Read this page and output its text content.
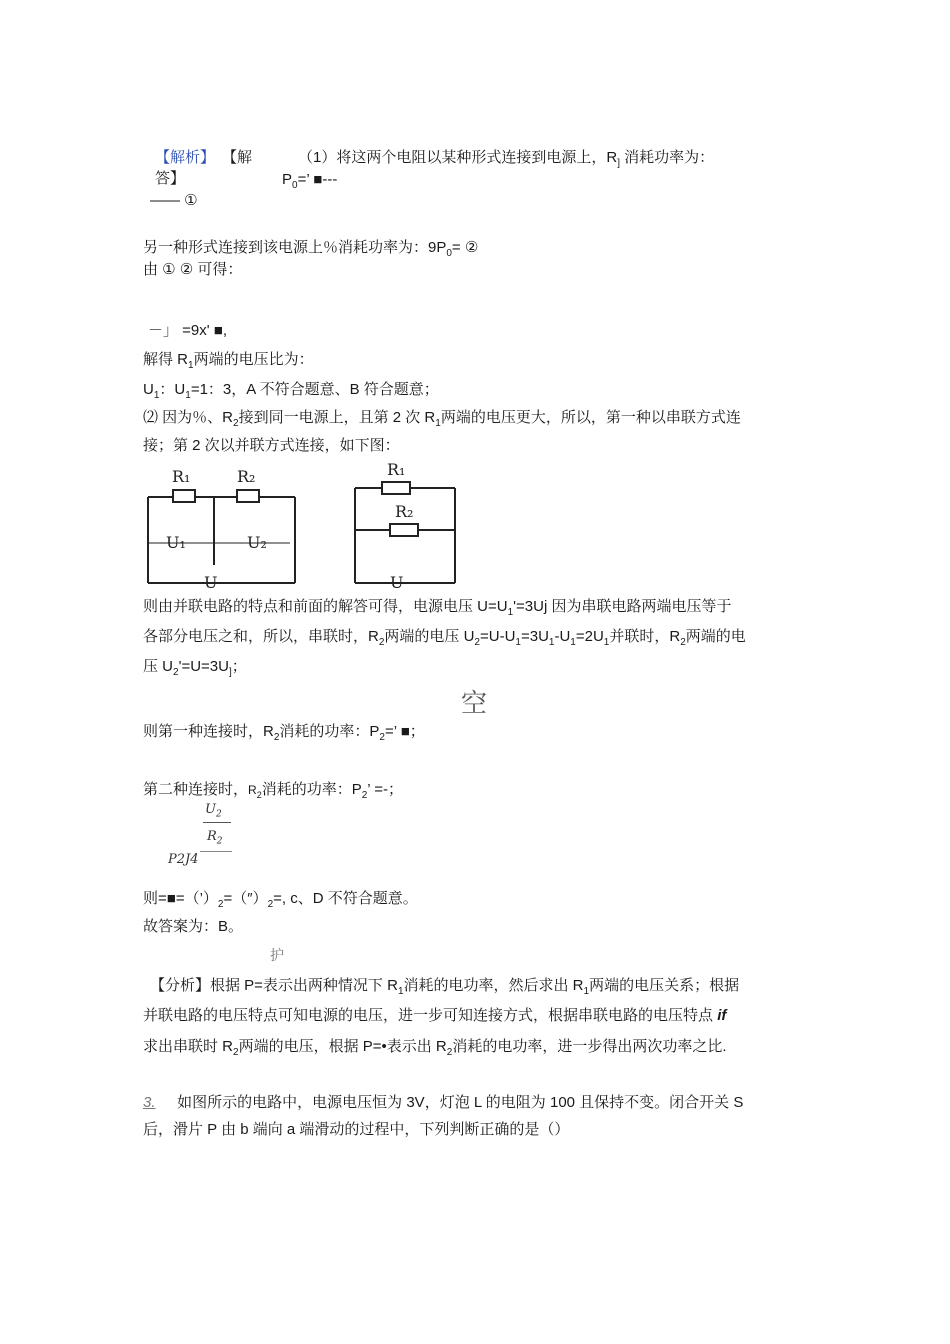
【解析】 【解
答】
（1）将这两个电阻以某种形式连接到电源上，$R_]$ 消耗功率为：
$P_0=$’ ■---
—— ①
另一种形式连接到该电源上％消耗功率为：$9P_0=$ ②
由 ① ② 可得：
－」 =9x' ■,
解得 $R_1$两端的电压比为：
$U_1$：$U_1=1$：3，A 不符合题意、B 符合题意；
⑵ 因为％、$R_2$接到同一电源上，且第 2 次 $R_1$两端的电压更大，所以，第一种以串联方式连
接；第 2 次以并联方式连接，如下图：
R₁	R₂
U₁	U₂
U
R₁
R₂
U
则由并联电路的特点和前面的解答可得，电源电压 $U=U_1'=3Uj$ 因为串联电路两端电压等于
各部分电压之和，所以，串联时，$R_2$两端的电压 $U_2=U-U_1=3U_1-U_1=2U_1$并联时，$R_2$两端的电
压 $U_2'=U=3U_]$；
空
则第一种连接时，$R_2$消耗的功率：$P_2=$’ ■；
第二种连接时，$R_2$消耗的功率：$P_2$’ =-；
$U_2$
$R_2$
P2J4
则$=■=(’)_2=('')_2=$, c、D 不符合题意。
故答案为：B。
护
【分析】根据 P=表示出两种情况下 $R_1$消耗的电功率，然后求出 $R_1$两端的电压关系；根据
并联电路的电压特点可知电源的电压，进一步可知连接方式，根据串联电路的电压特点 if
求出串联时 $R_2$两端的电压，根据 P=•表示出 $R_2$消耗的电功率，进一步得出两次功率之比.
3. 如图所示的电路中，电源电压恒为 3V，灯泡 L 的电阻为 100 且保持不变。闭合开关 S
后，滑片 P 由 b 端向 a 端滑动的过程中，下列判断正确的是（）
